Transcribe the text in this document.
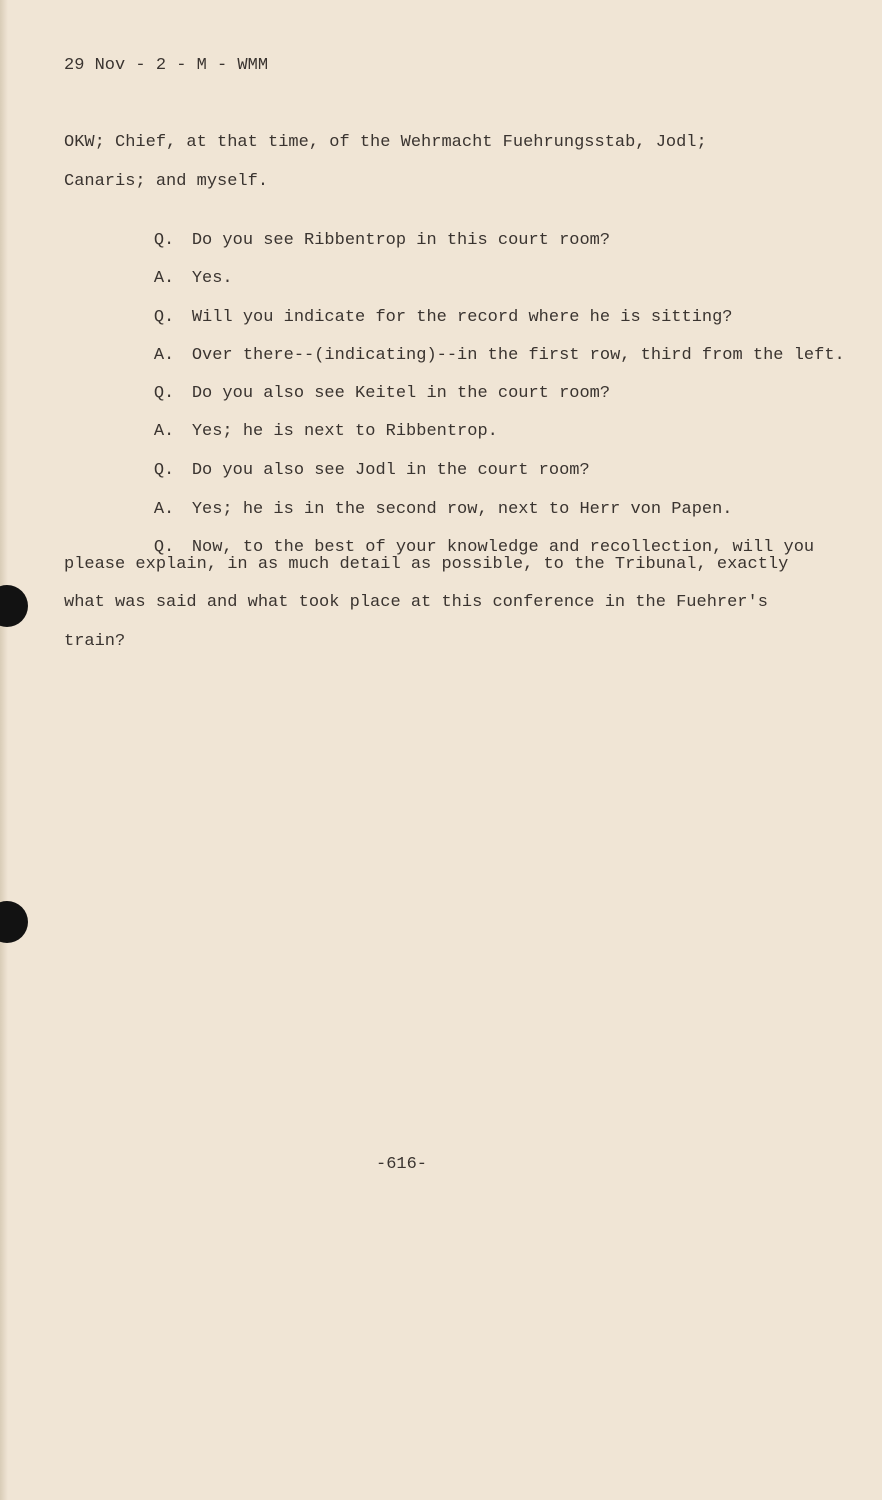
29 Nov - 2 - M - WMM
OKW; Chief, at that time, of the Wehrmacht Fuehrungsstab, Jodl;
Canaris; and myself.

Q. Do you see Ribbentrop in this court room?

A. Yes.

Q. Will you indicate for the record where he is sitting?

A. Over there--(indicating)--in the first row, third from the left.

Q. Do you also see Keitel in the court room?

A. Yes; he is next to Ribbentrop.

Q. Do you also see Jodl in the court room?

A. Yes; he is in the second row, next to Herr von Papen.

Q. Now, to the best of your knowledge and recollection, will you

please explain, in as much detail as possible, to the Tribunal, exactly
what was said and what took place at this conference in the Fuehrer's
train?
-616-
